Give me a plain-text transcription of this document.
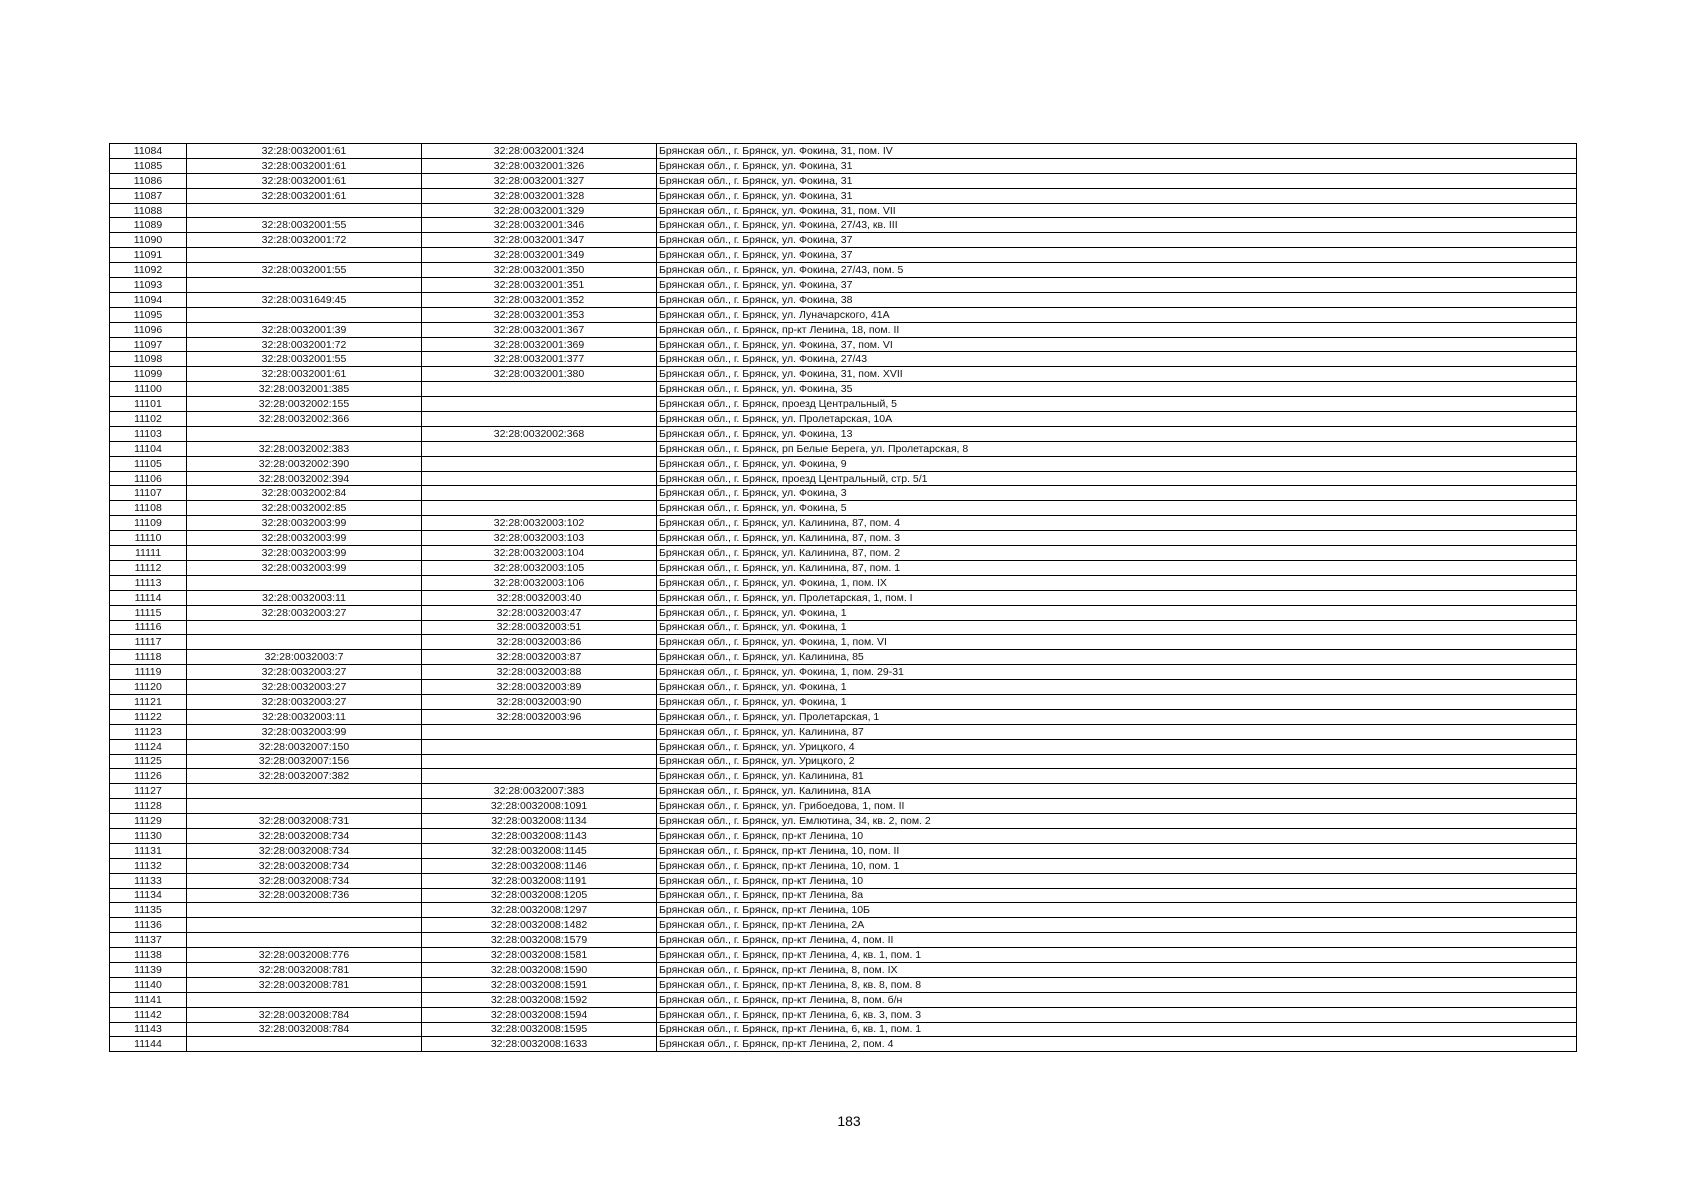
11084	32:28:0032001:61	32:28:0032001:324	Брянская обл., г. Брянск, ул. Фокина, 31, пом. IV
11085	32:28:0032001:61	32:28:0032001:326	Брянская обл., г. Брянск, ул. Фокина, 31
11086	32:28:0032001:61	32:28:0032001:327	Брянская обл., г. Брянск, ул. Фокина, 31
11087	32:28:0032001:61	32:28:0032001:328	Брянская обл., г. Брянск, ул. Фокина, 31
11088		32:28:0032001:329	Брянская обл., г. Брянск, ул. Фокина, 31, пом. VII
11089	32:28:0032001:55	32:28:0032001:346	Брянская обл., г. Брянск, ул. Фокина, 27/43, кв. III
11090	32:28:0032001:72	32:28:0032001:347	Брянская обл., г. Брянск, ул. Фокина, 37
11091		32:28:0032001:349	Брянская обл., г. Брянск, ул. Фокина, 37
11092	32:28:0032001:55	32:28:0032001:350	Брянская обл., г. Брянск, ул. Фокина, 27/43, пом. 5
11093		32:28:0032001:351	Брянская обл., г. Брянск, ул. Фокина, 37
11094	32:28:0031649:45	32:28:0032001:352	Брянская обл., г. Брянск, ул. Фокина, 38
11095		32:28:0032001:353	Брянская обл., г. Брянск, ул. Луначарского, 41А
11096	32:28:0032001:39	32:28:0032001:367	Брянская обл., г. Брянск, пр-кт Ленина, 18, пом. II
11097	32:28:0032001:72	32:28:0032001:369	Брянская обл., г. Брянск, ул. Фокина, 37, пом. VI
11098	32:28:0032001:55	32:28:0032001:377	Брянская обл., г. Брянск, ул. Фокина, 27/43
11099	32:28:0032001:61	32:28:0032001:380	Брянская обл., г. Брянск, ул. Фокина, 31, пом. XVII
11100	32:28:0032001:385		Брянская обл., г. Брянск, ул. Фокина, 35
11101	32:28:0032002:155		Брянская обл., г. Брянск, проезд Центральный, 5
11102	32:28:0032002:366		Брянская обл., г. Брянск, ул. Пролетарская, 10А
11103		32:28:0032002:368	Брянская обл., г. Брянск, ул. Фокина, 13
11104	32:28:0032002:383		Брянская обл., г. Брянск, рп Белые Берега, ул. Пролетарская, 8
11105	32:28:0032002:390		Брянская обл., г. Брянск, ул. Фокина, 9
11106	32:28:0032002:394		Брянская обл., г. Брянск, проезд Центральный, стр. 5/1
11107	32:28:0032002:84		Брянская обл., г. Брянск, ул. Фокина, 3
11108	32:28:0032002:85		Брянская обл., г. Брянск, ул. Фокина, 5
11109	32:28:0032003:99	32:28:0032003:102	Брянская обл., г. Брянск, ул. Калинина, 87, пом. 4
11110	32:28:0032003:99	32:28:0032003:103	Брянская обл., г. Брянск, ул. Калинина, 87, пом. 3
11111	32:28:0032003:99	32:28:0032003:104	Брянская обл., г. Брянск, ул. Калинина, 87, пом. 2
11112	32:28:0032003:99	32:28:0032003:105	Брянская обл., г. Брянск, ул. Калинина, 87, пом. 1
11113		32:28:0032003:106	Брянская обл., г. Брянск, ул. Фокина, 1, пом. IX
11114	32:28:0032003:11	32:28:0032003:40	Брянская обл., г. Брянск, ул. Пролетарская, 1, пом. I
11115	32:28:0032003:27	32:28:0032003:47	Брянская обл., г. Брянск, ул. Фокина, 1
11116		32:28:0032003:51	Брянская обл., г. Брянск, ул. Фокина, 1
11117		32:28:0032003:86	Брянская обл., г. Брянск, ул. Фокина, 1, пом. VI
11118	32:28:0032003:7	32:28:0032003:87	Брянская обл., г. Брянск, ул. Калинина, 85
11119	32:28:0032003:27	32:28:0032003:88	Брянская обл., г. Брянск, ул. Фокина, 1, пом. 29-31
11120	32:28:0032003:27	32:28:0032003:89	Брянская обл., г. Брянск, ул. Фокина, 1
11121	32:28:0032003:27	32:28:0032003:90	Брянская обл., г. Брянск, ул. Фокина, 1
11122	32:28:0032003:11	32:28:0032003:96	Брянская обл., г. Брянск, ул. Пролетарская, 1
11123	32:28:0032003:99		Брянская обл., г. Брянск, ул. Калинина, 87
11124	32:28:0032007:150		Брянская обл., г. Брянск, ул. Урицкого, 4
11125	32:28:0032007:156		Брянская обл., г. Брянск, ул. Урицкого, 2
11126	32:28:0032007:382		Брянская обл., г. Брянск, ул. Калинина, 81
11127		32:28:0032007:383	Брянская обл., г. Брянск, ул. Калинина, 81А
11128		32:28:0032008:1091	Брянская обл., г. Брянск, ул. Грибоедова, 1, пом. II
11129	32:28:0032008:731	32:28:0032008:1134	Брянская обл., г. Брянск, ул. Емлютина, 34, кв. 2, пом. 2
11130	32:28:0032008:734	32:28:0032008:1143	Брянская обл., г. Брянск, пр-кт Ленина, 10
11131	32:28:0032008:734	32:28:0032008:1145	Брянская обл., г. Брянск, пр-кт Ленина, 10, пом. II
11132	32:28:0032008:734	32:28:0032008:1146	Брянская обл., г. Брянск, пр-кт Ленина, 10, пом. 1
11133	32:28:0032008:734	32:28:0032008:1191	Брянская обл., г. Брянск, пр-кт Ленина, 10
11134	32:28:0032008:736	32:28:0032008:1205	Брянская обл., г. Брянск, пр-кт Ленина, 8а
11135		32:28:0032008:1297	Брянская обл., г. Брянск, пр-кт Ленина, 10Б
11136		32:28:0032008:1482	Брянская обл., г. Брянск, пр-кт Ленина, 2А
11137		32:28:0032008:1579	Брянская обл., г. Брянск, пр-кт Ленина, 4, пом. II
11138	32:28:0032008:776	32:28:0032008:1581	Брянская обл., г. Брянск, пр-кт Ленина, 4, кв. 1, пом. 1
11139	32:28:0032008:781	32:28:0032008:1590	Брянская обл., г. Брянск, пр-кт Ленина, 8, пом. IX
11140	32:28:0032008:781	32:28:0032008:1591	Брянская обл., г. Брянск, пр-кт Ленина, 8, кв. 8, пом. 8
11141		32:28:0032008:1592	Брянская обл., г. Брянск, пр-кт Ленина, 8, пом. б/н
11142	32:28:0032008:784	32:28:0032008:1594	Брянская обл., г. Брянск, пр-кт Ленина, 6, кв. 3, пом. 3
11143	32:28:0032008:784	32:28:0032008:1595	Брянская обл., г. Брянск, пр-кт Ленина, 6, кв. 1, пом. 1
11144		32:28:0032008:1633	Брянская обл., г. Брянск, пр-кт Ленина, 2, пом. 4
183
